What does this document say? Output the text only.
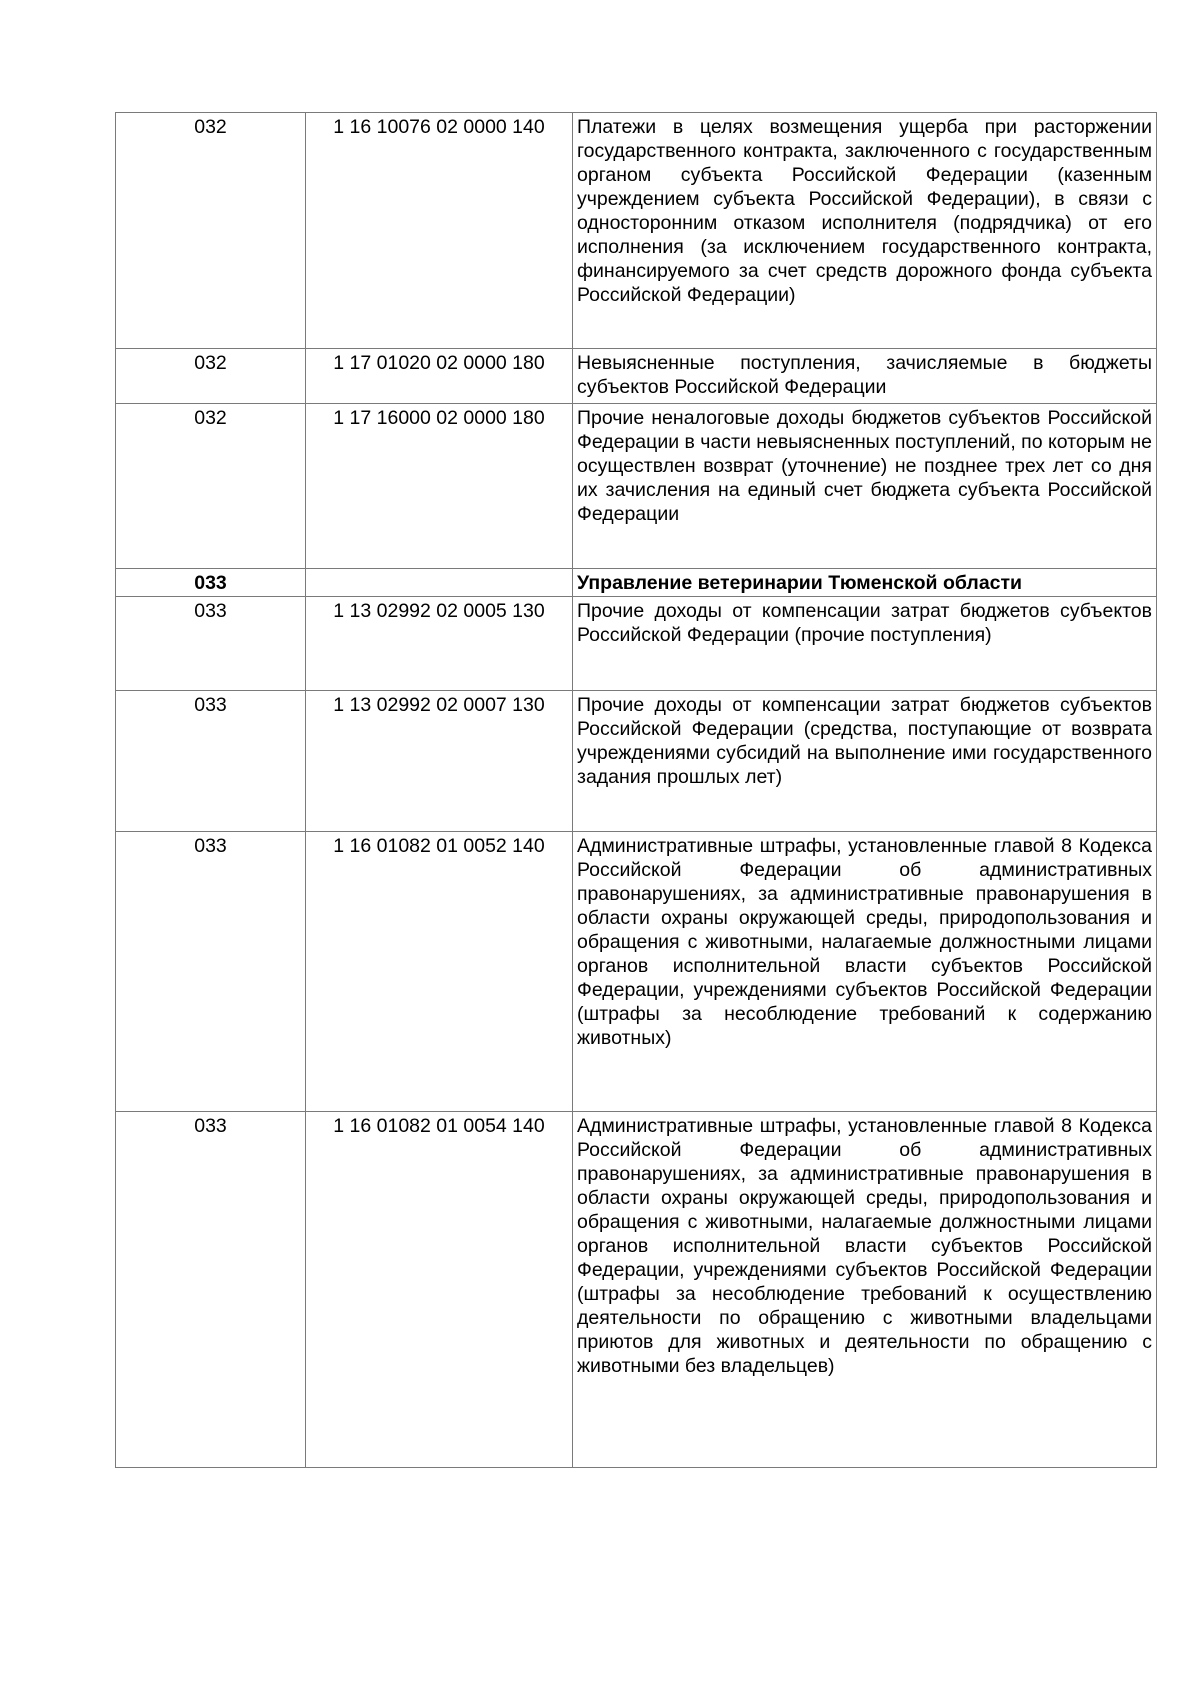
032	1 16 10076 02 0000 140	Платежи в целях возмещения ущерба при расторжении государственного контракта, заключенного с государственным органом субъекта Российской Федерации (казенным учреждением субъекта Российской Федерации), в связи с односторонним отказом исполнителя (подрядчика) от его исполнения (за исключением государственного контракта, финансируемого за счет средств дорожного фонда субъекта Российской Федерации)
032	1 17 01020 02 0000 180	Невыясненные поступления, зачисляемые в бюджеты субъектов Российской Федерации
032	1 17 16000 02 0000 180	Прочие неналоговые доходы бюджетов субъектов Российской Федерации в части невыясненных поступлений, по которым не осуществлен возврат (уточнение) не позднее трех лет со дня их зачисления на единый счет бюджета субъекта Российской Федерации
033		Управление ветеринарии Тюменской области
033	1 13 02992 02 0005 130	Прочие доходы от компенсации затрат бюджетов субъектов Российской Федерации (прочие поступления)
033	1 13 02992 02 0007 130	Прочие доходы от компенсации затрат бюджетов субъектов Российской Федерации (средства, поступающие от возврата учреждениями субсидий на выполнение ими государственного задания прошлых лет)
033	1 16 01082 01 0052 140	Административные штрафы, установленные главой 8 Кодекса Российской Федерации об административных правонарушениях, за административные правонарушения в области охраны окружающей среды, природопользования и обращения с животными, налагаемые должностными лицами органов исполнительной власти субъектов Российской Федерации, учреждениями субъектов Российской Федерации (штрафы за несоблюдение требований к содержанию животных)
033	1 16 01082 01 0054 140	Административные штрафы, установленные главой 8 Кодекса Российской Федерации об административных правонарушениях, за административные правонарушения в области охраны окружающей среды, природопользования и обращения с животными, налагаемые должностными лицами органов исполнительной власти субъектов Российской Федерации, учреждениями субъектов Российской Федерации (штрафы за несоблюдение требований к осуществлению деятельности по обращению с животными владельцами приютов для животных и деятельности по обращению с животными без владельцев)
